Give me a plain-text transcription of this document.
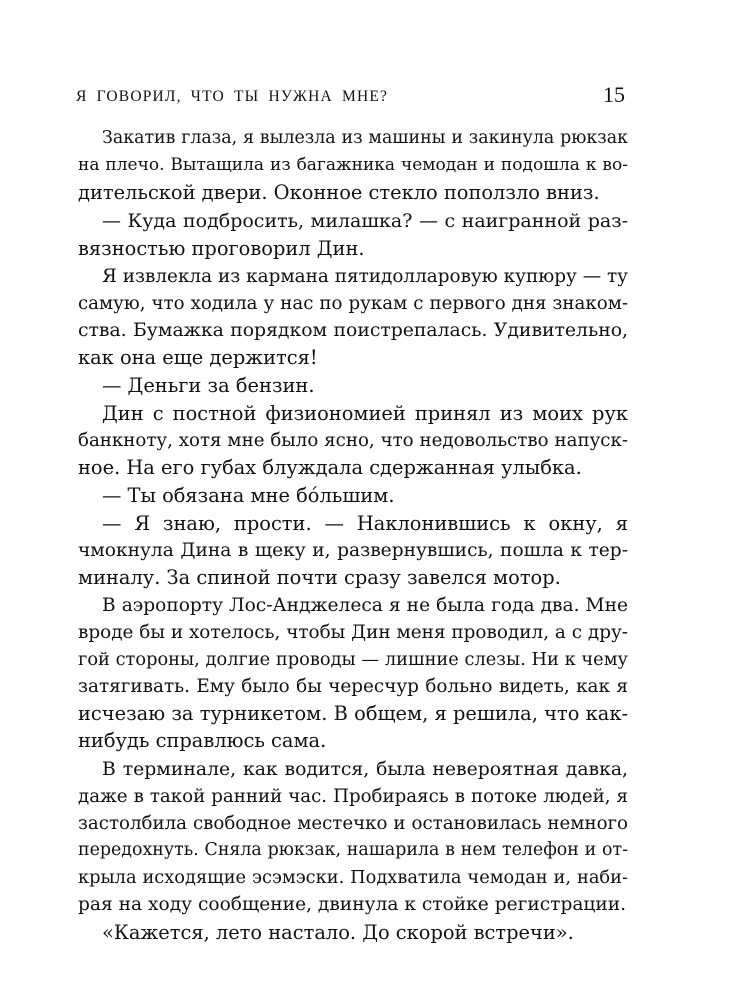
Я ГОВОРИЛ, ЧТО ТЫ НУЖНА МНЕ?	15
Закатив глаза, я вылезла из машины и закинула рюкзак
на плечо. Вытащила из багажника чемодан и подошла к во-
дительской двери. Оконное стекло поползло вниз.
— Куда подбросить, милашка? — с наигранной раз-
вязностью проговорил Дин.
Я извлекла из кармана пятидолларовую купюру — ту
самую, что ходила у нас по рукам с первого дня знаком-
ства. Бумажка порядком поистрепалась. Удивительно,
как она еще держится!
— Деньги за бензин.
Дин с постной физиономией принял из моих рук
банкноту, хотя мне было ясно, что недовольство напуск-
ное. На его губах блуждала сдержанная улыбка.
— Ты обязана мне бóльшим.
— Я знаю, прости. — Наклонившись к окну, я
чмокнула Дина в щеку и, развернувшись, пошла к тер-
миналу. За спиной почти сразу завелся мотор.
В аэропорту Лос-Анджелеса я не была года два. Мне
вроде бы и хотелось, чтобы Дин меня проводил, а с дру-
гой стороны, долгие проводы — лишние слезы. Ни к чему
затягивать. Ему было бы чересчур больно видеть, как я
исчезаю за турникетом. В общем, я решила, что как-
нибудь справлюсь сама.
В терминале, как водится, была невероятная давка,
даже в такой ранний час. Пробираясь в потоке людей, я
застолбила свободное местечко и остановилась немного
передохнуть. Сняла рюкзак, нашарила в нем телефон и от-
крыла исходящие эсэмэски. Подхватила чемодан и, наби-
рая на ходу сообщение, двинула к стойке регистрации.
«Кажется, лето настало. До скорой встречи».
